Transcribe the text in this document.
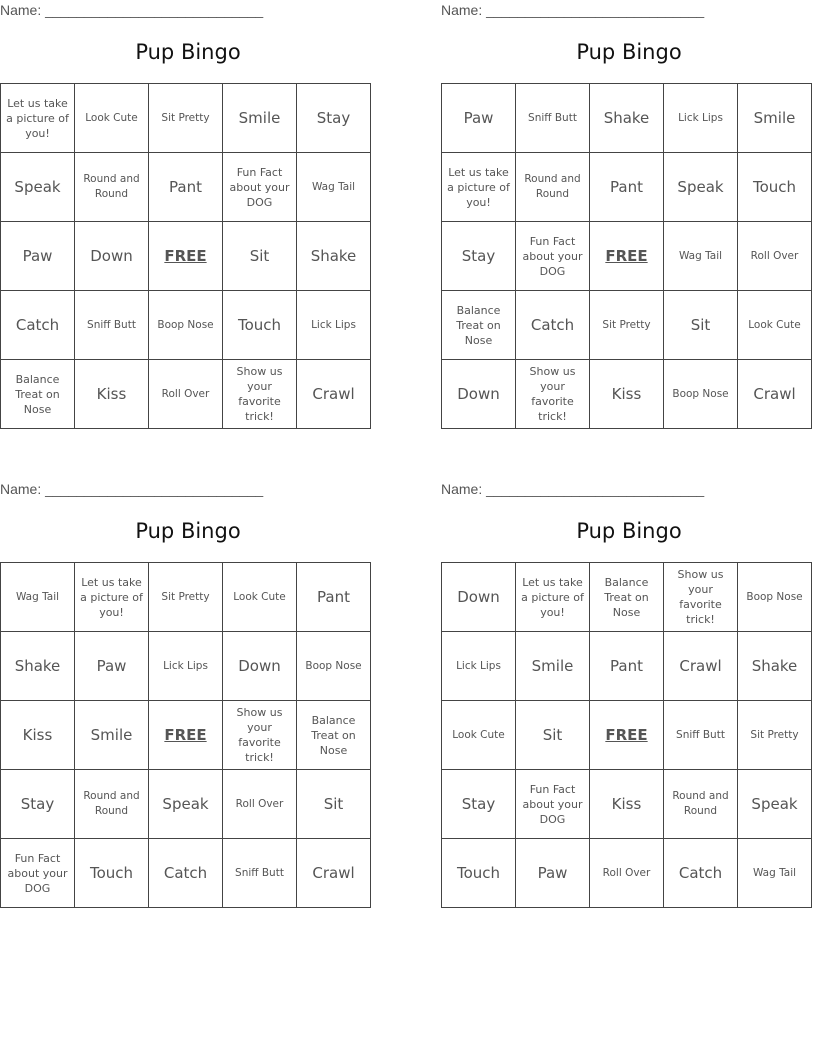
Name: ____________________________
Pup Bingo
Let us take a picture of you!	Look Cute	Sit Pretty	Smile	Stay
Speak	Round and Round	Pant	Fun Fact about your DOG	Wag Tail
Paw	Down	FREE	Sit	Shake
Catch	Sniff Butt	Boop Nose	Touch	Lick Lips
Balance Treat on Nose	Kiss	Roll Over	Show us your favorite trick!	Crawl
Name: ____________________________
Pup Bingo
Paw	Sniff Butt	Shake	Lick Lips	Smile
Let us take a picture of you!	Round and Round	Pant	Speak	Touch
Stay	Fun Fact about your DOG	FREE	Wag Tail	Roll Over
Balance Treat on Nose	Catch	Sit Pretty	Sit	Look Cute
Down	Show us your favorite trick!	Kiss	Boop Nose	Crawl
Name: ____________________________
Pup Bingo
Wag Tail	Let us take a picture of you!	Sit Pretty	Look Cute	Pant
Shake	Paw	Lick Lips	Down	Boop Nose
Kiss	Smile	FREE	Show us your favorite trick!	Balance Treat on Nose
Stay	Round and Round	Speak	Roll Over	Sit
Fun Fact about your DOG	Touch	Catch	Sniff Butt	Crawl
Name: ____________________________
Pup Bingo
Down	Let us take a picture of you!	Balance Treat on Nose	Show us your favorite trick!	Boop Nose
Lick Lips	Smile	Pant	Crawl	Shake
Look Cute	Sit	FREE	Sniff Butt	Sit Pretty
Stay	Fun Fact about your DOG	Kiss	Round and Round	Speak
Touch	Paw	Roll Over	Catch	Wag Tail
